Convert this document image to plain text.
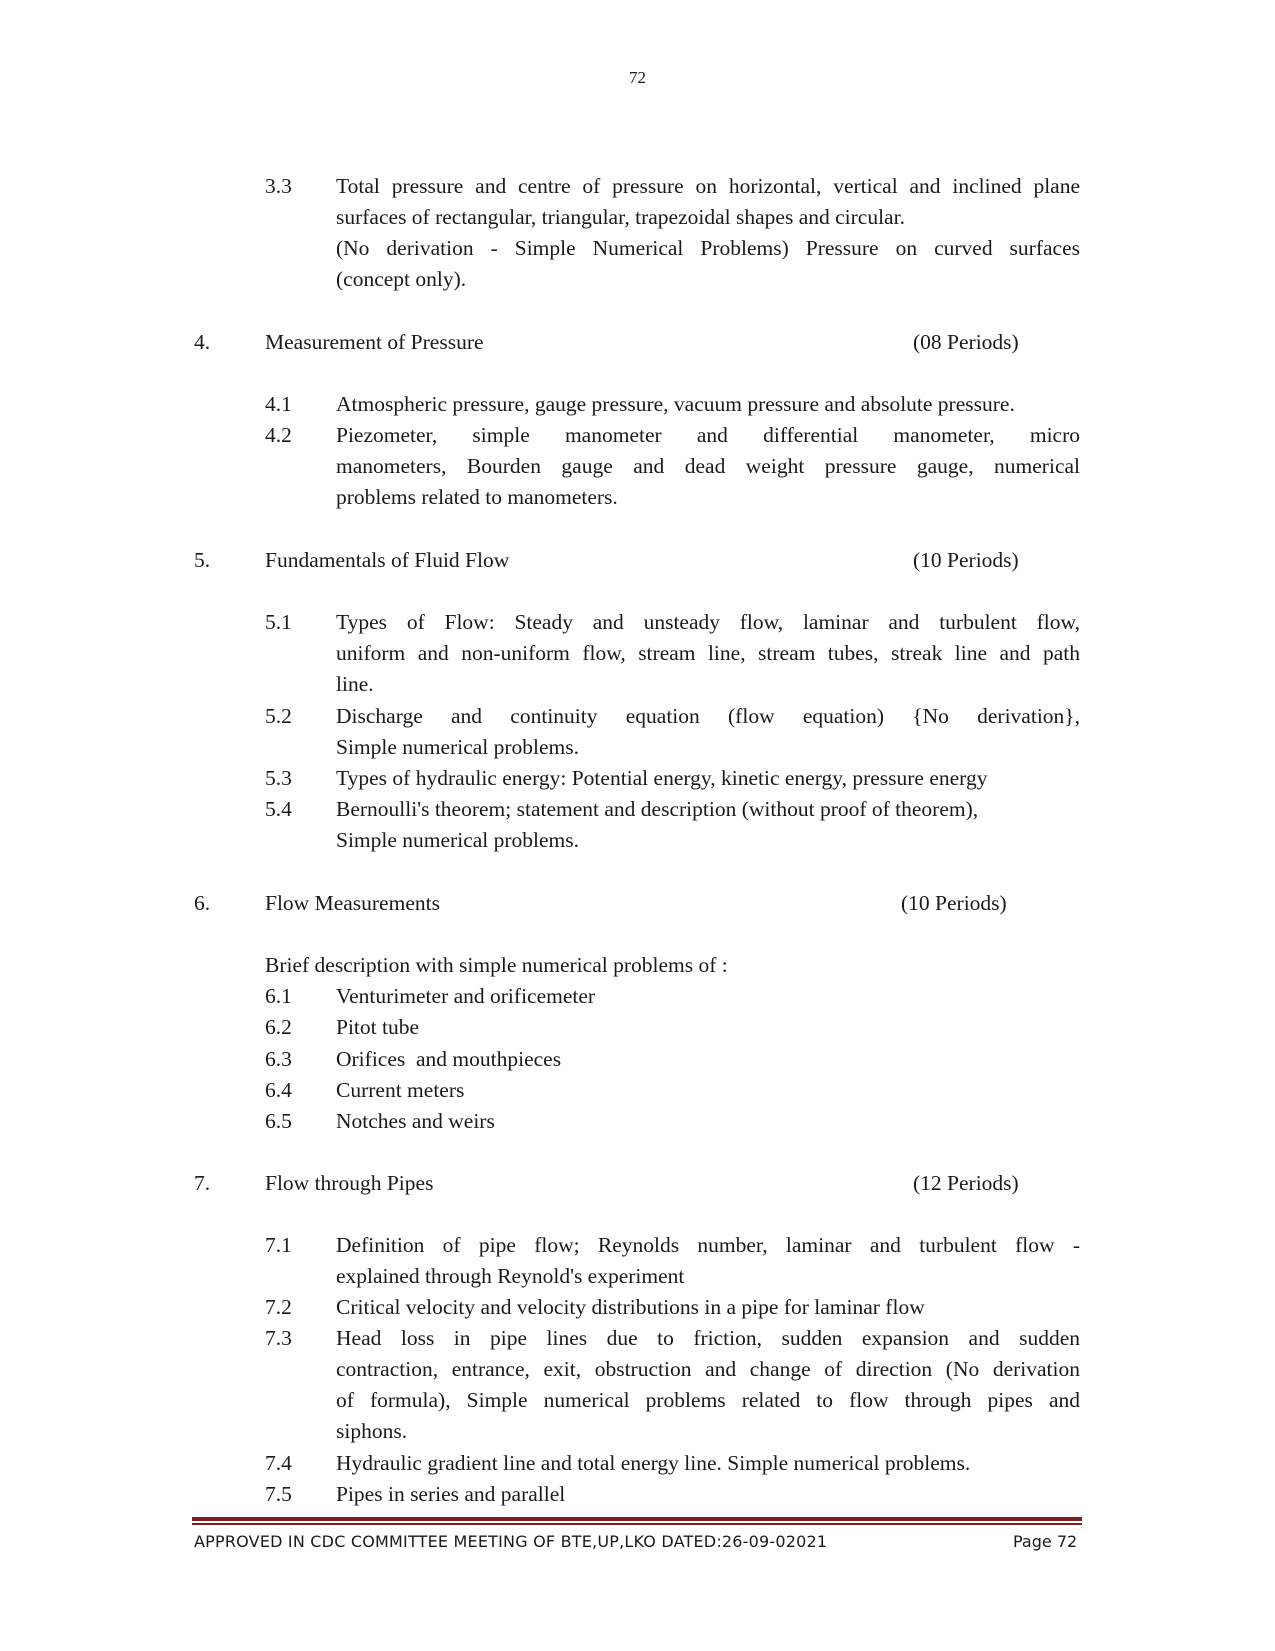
72
3.3 Total pressure and centre of pressure on horizontal, vertical and inclined plane
surfaces of rectangular, triangular, trapezoidal shapes and circular.
(No derivation - Simple Numerical Problems) Pressure on curved surfaces
(concept only).
4.	Measurement of Pressure	(08 Periods)
4.1 Atmospheric pressure, gauge pressure, vacuum pressure and absolute pressure.
4.2 Piezometer, simple manometer and differential manometer, micro
manometers, Bourden gauge and dead weight pressure gauge, numerical
problems related to manometers.
5.	Fundamentals of Fluid Flow	(10 Periods)
5.1 Types of Flow: Steady and unsteady flow, laminar and turbulent flow,
uniform and non-uniform flow, stream line, stream tubes, streak line and path
line.
5.2 Discharge and continuity equation (flow equation) {No derivation},
Simple numerical problems.
5.3 Types of hydraulic energy: Potential energy, kinetic energy, pressure energy
5.4 Bernoulli's theorem; statement and description (without proof of theorem),
Simple numerical problems.
6.	Flow Measurements	(10 Periods)
Brief description with simple numerical problems of :
6.1 Venturimeter and orificemeter
6.2 Pitot tube
6.3 Orifices  and mouthpieces
6.4 Current meters
6.5 Notches and weirs
7.	Flow through Pipes	(12 Periods)
7.1 Definition of pipe flow; Reynolds number, laminar and turbulent flow -
explained through Reynold's experiment
7.2 Critical velocity and velocity distributions in a pipe for laminar flow
7.3 Head loss in pipe lines due to friction, sudden expansion and sudden
contraction, entrance, exit, obstruction and change of direction (No derivation
of formula), Simple numerical problems related to flow through pipes and
siphons.
7.4 Hydraulic gradient line and total energy line. Simple numerical problems.
7.5 Pipes in series and parallel
APPROVED IN CDC COMMITTEE MEETING OF BTE,UP,LKO DATED:26-09-02021	Page 72
